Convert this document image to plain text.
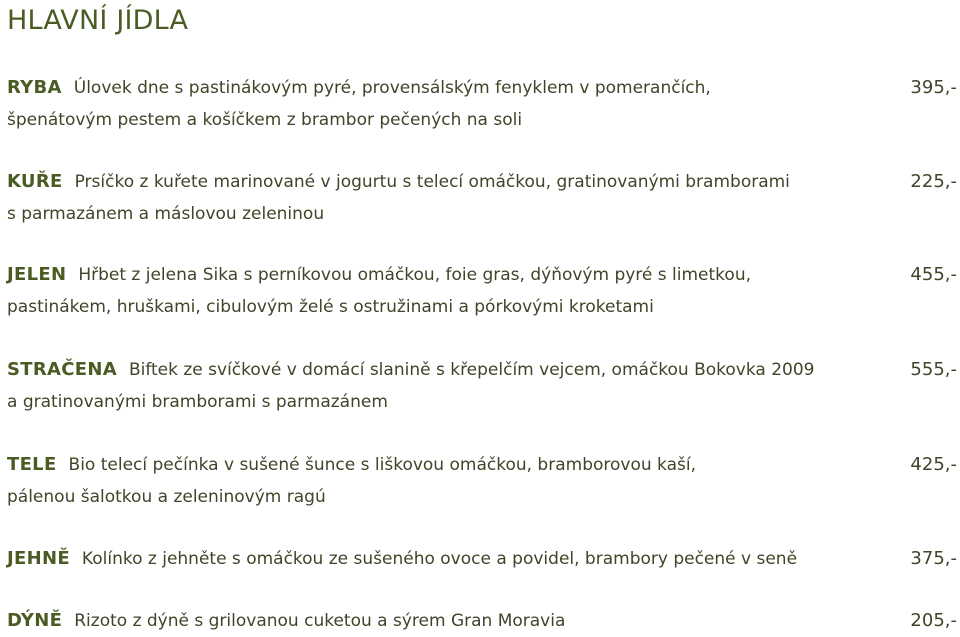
HLAVNÍ JÍDLA
RYBA Úlovek dne s pastinákovým pyré, provensálským fenyklem v pomerančích,	395,-
špenátovým pestem a košíčkem z brambor pečených na soli
KUŘE Prsíčko z kuřete marinované v jogurtu s telecí omáčkou, gratinovanými bramborami	225,-
s parmazánem a máslovou zeleninou
JELEN Hřbet z jelena Sika s perníkovou omáčkou, foie gras, dýňovým pyré s limetkou,	455,-
pastinákem, hruškami, cibulovým želé s ostružinami a pórkovými kroketami
STRAČENA Biftek ze svíčkové v domácí slanině s křepelčím vejcem, omáčkou Bokovka 2009	555,-
a gratinovanými bramborami s parmazánem
TELE Bio telecí pečínka v sušené šunce s liškovou omáčkou, bramborovou kaší,	425,-
pálenou šalotkou a zeleninovým ragú
JEHNĚ Kolínko z jehněte s omáčkou ze sušeného ovoce a povidel, brambory pečené v seně	375,-
DÝNĚ Rizoto z dýně s grilovanou cuketou a sýrem Gran Moravia	205,-
